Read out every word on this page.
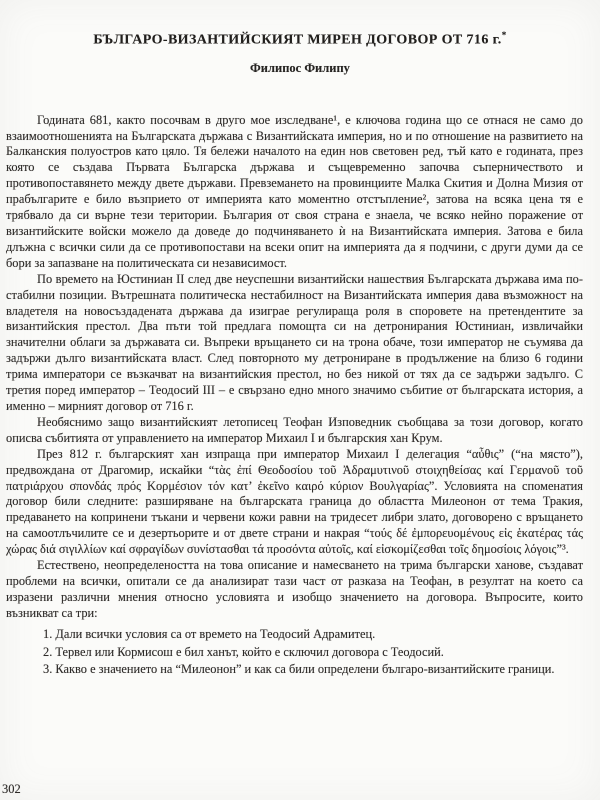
БЪЛГАРО-ВИЗАНТИЙСКИЯТ МИРЕН ДОГОВОР ОТ 716 г.*
Филипос Филипу

Годината 681, както посочвам в друго мое изследване¹, е ключова година що се отнася не само до взаимоотношенията на Българската държава с Византийската империя, но и по отношение на развитието на Балканския полуостров като цяло. Тя бележи началото на един нов световен ред, тъй като е годината, през която се създава Първата Българска държава и същевременно започва съперничеството и противопоставянето между двете държави. Превземането на провинциите Малка Скития и Долна Мизия от прабългарите е било възприето от империята като моментно отстъпление², затова на всяка цена тя е трябвало да си върне тези територии. България от своя страна е знаела, че всяко нейно поражение от византийските войски можело да доведе до подчиняването ѝ на Византийската империя. Затова е била длъжна с всички сили да се противопостави на всеки опит на империята да я подчини, с други думи да се бори за запазване на политическата си независимост.

По времето на Юстиниан II след две неуспешни византийски нашествия Българската държава има по-стабилни позиции. Вътрешната политическа нестабилност на Византийската империя дава възможност на владетеля на новосъздадената държава да изиграе регулираща роля в споровете на претендентите за византийския престол. Два пъти той предлага помощта си на детронирания Юстиниан, извличайки значителни облаги за държавата си. Въпреки връщането си на трона обаче, този император не съумява да задържи дълго византийската власт. След повторното му детрониране в продължение на близо 6 години трима императори се възкачват на византийския престол, но без никой от тях да се задържи задълго. С третия поред император – Теодосий III – е свързано едно много значимо събитие от българската история, а именно – мирният договор от 716 г.

Необяснимо защо византийският летописец Теофан Изповедник съобщава за този договор, когато описва събитията от управлението на император Михаил I и българския хан Крум.

През 812 г. българският хан изпраща при император Михаил I делегация “αὖθις” (“на място”), предвождана от Драгомир, искайки “τὰς ἐπί Θεοδοσίου τοῦ Ἀδραμυτινοῦ στοιχηθείσας καί Γερμανοῦ τοῦ πατριάρχου σπονδάς πρός Κορμέσιον τόν κατ’ ἐκεῖνο καιρό κύριον Βουλγαρίας”. Условията на споменатия договор били следните: разширяване на българската граница до областта Милеонон от тема Тракия, предаването на копринени тъкани и червени кожи равни на тридесет либри злато, договорено с връщането на самоотлъчилите се и дезертьорите и от двете страни и накрая “τούς δέ ἐμπορευομένους εἰς ἑκατέρας τάς χώρας διά σιγιλλίων καί σφραγίδων συνίστασθαι τά προσόντα αὐτοῖς, καί εἰσκομίζεσθαι τοῖς δημοσίοις λόγοις”³.

Естествено, неопределеността на това описание и намесването на трима български ханове, създават проблеми на всички, опитали се да анализират тази част от разказа на Теофан, в резултат на което са изразени различни мнения относно условията и изобщо значението на договора. Въпросите, които възникват са три:

1. Дали всички условия са от времето на Теодосий Адрамитец.

2. Тервел или Кормисош е бил ханът, който е сключил договора с Теодосий.

3. Какво е значението на “Милеонон” и как са били определени българо-византийските граници.

302
